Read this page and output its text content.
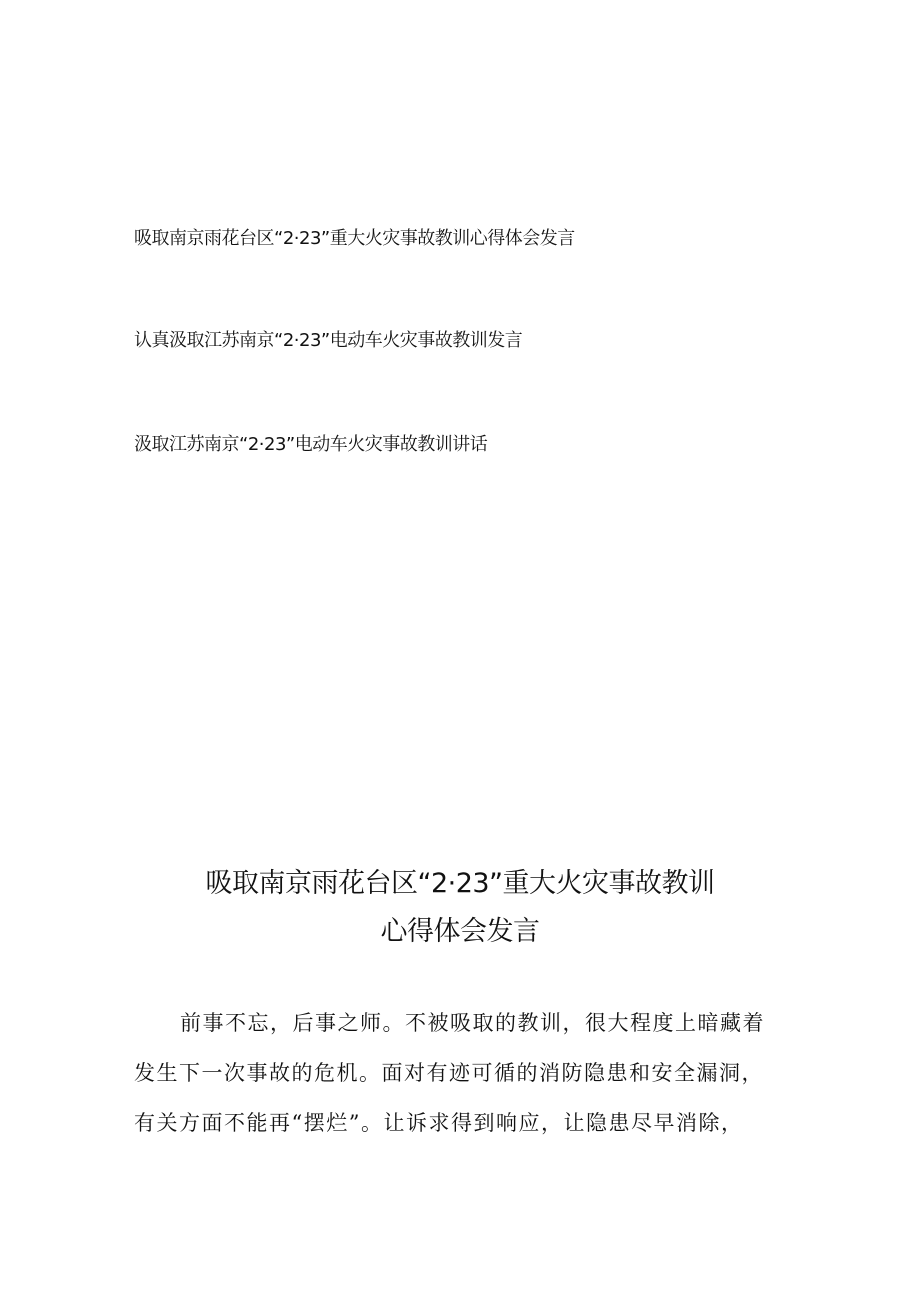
吸取南京雨花台区“2·23”重大火灾事故教训心得体会发言
认真汲取江苏南京“2·23”电动车火灾事故教训发言
汲取江苏南京“2·23”电动车火灾事故教训讲话
吸取南京雨花台区“2·23”重大火灾事故教训
心得体会发言
前事不忘，后事之师。不被吸取的教训，很大程度上暗藏着
发生下一次事故的危机。面对有迹可循的消防隐患和安全漏洞，
有关方面不能再“摆烂”。让诉求得到响应，让隐患尽早消除，
